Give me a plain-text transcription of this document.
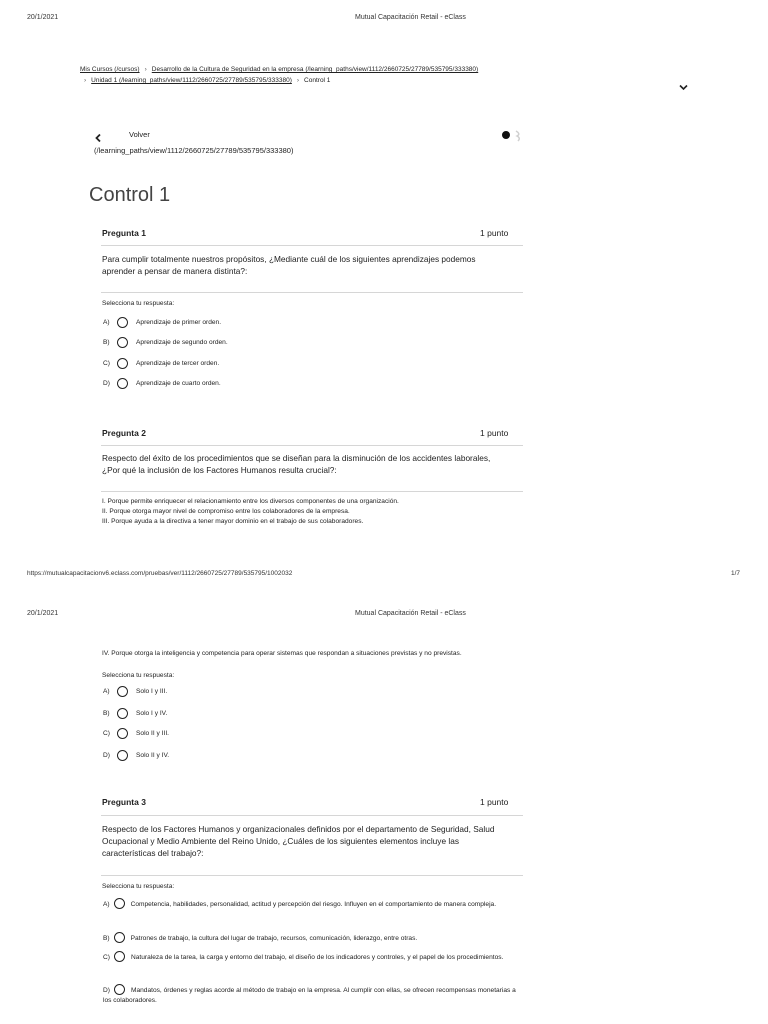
20/1/2021	Mutual Capacitación Retail - eClass
Mis Cursos (/cursos) › Desarrollo de la Cultura de Seguridad en la empresa (/learning_paths/view/1112/2660725/27789/535795/333380)
› Unidad 1 (/learning_paths/view/1112/2660725/27789/535795/333380) › Control 1
Volver
(/learning_paths/view/1112/2660725/27789/535795/333380)
Control 1
Pregunta 1	1 punto
Para cumplir totalmente nuestros propósitos, ¿Mediante cuál de los siguientes aprendizajes podemos aprender a pensar de manera distinta?:
Selecciona tu respuesta:
A)	Aprendizaje de primer orden.
B)	Aprendizaje de segundo orden.
C)	Aprendizaje de tercer orden.
D)	Aprendizaje de cuarto orden.
Pregunta 2	1 punto
Respecto del éxito de los procedimientos que se diseñan para la disminución de los accidentes laborales, ¿Por qué la inclusión de los Factores Humanos resulta crucial?:
I. Porque permite enriquecer el relacionamiento entre los diversos componentes de una organización.
II. Porque otorga mayor nivel de compromiso entre los colaboradores de la empresa.
III. Porque ayuda a la directiva a tener mayor dominio en el trabajo de sus colaboradores.
https://mutualcapacitacionv6.eclass.com/pruebas/ver/1112/2660725/27789/535795/1002032	1/7
20/1/2021	Mutual Capacitación Retail - eClass
IV. Porque otorga la inteligencia y competencia para operar sistemas que respondan a situaciones previstas y no previstas.
Selecciona tu respuesta:
A)	Solo I y III.
B)	Solo I y IV.
C)	Solo II y III.
D)	Solo II y IV.
Pregunta 3	1 punto
Respecto de los Factores Humanos y organizacionales definidos por el departamento de Seguridad, Salud Ocupacional y Medio Ambiente del Reino Unido, ¿Cuáles de los siguientes elementos incluye las características del trabajo?:
Selecciona tu respuesta:
A)	Competencia, habilidades, personalidad, actitud y percepción del riesgo. Influyen en el comportamiento de manera compleja.
B)	Patrones de trabajo, la cultura del lugar de trabajo, recursos, comunicación, liderazgo, entre otras.
C)	Naturaleza de la tarea, la carga y entorno del trabajo, el diseño de los indicadores y controles, y el papel de los procedimientos.
D)	Mandatos, órdenes y reglas acorde al método de trabajo en la empresa. Al cumplir con ellas, se ofrecen recompensas monetarias a los colaboradores.
